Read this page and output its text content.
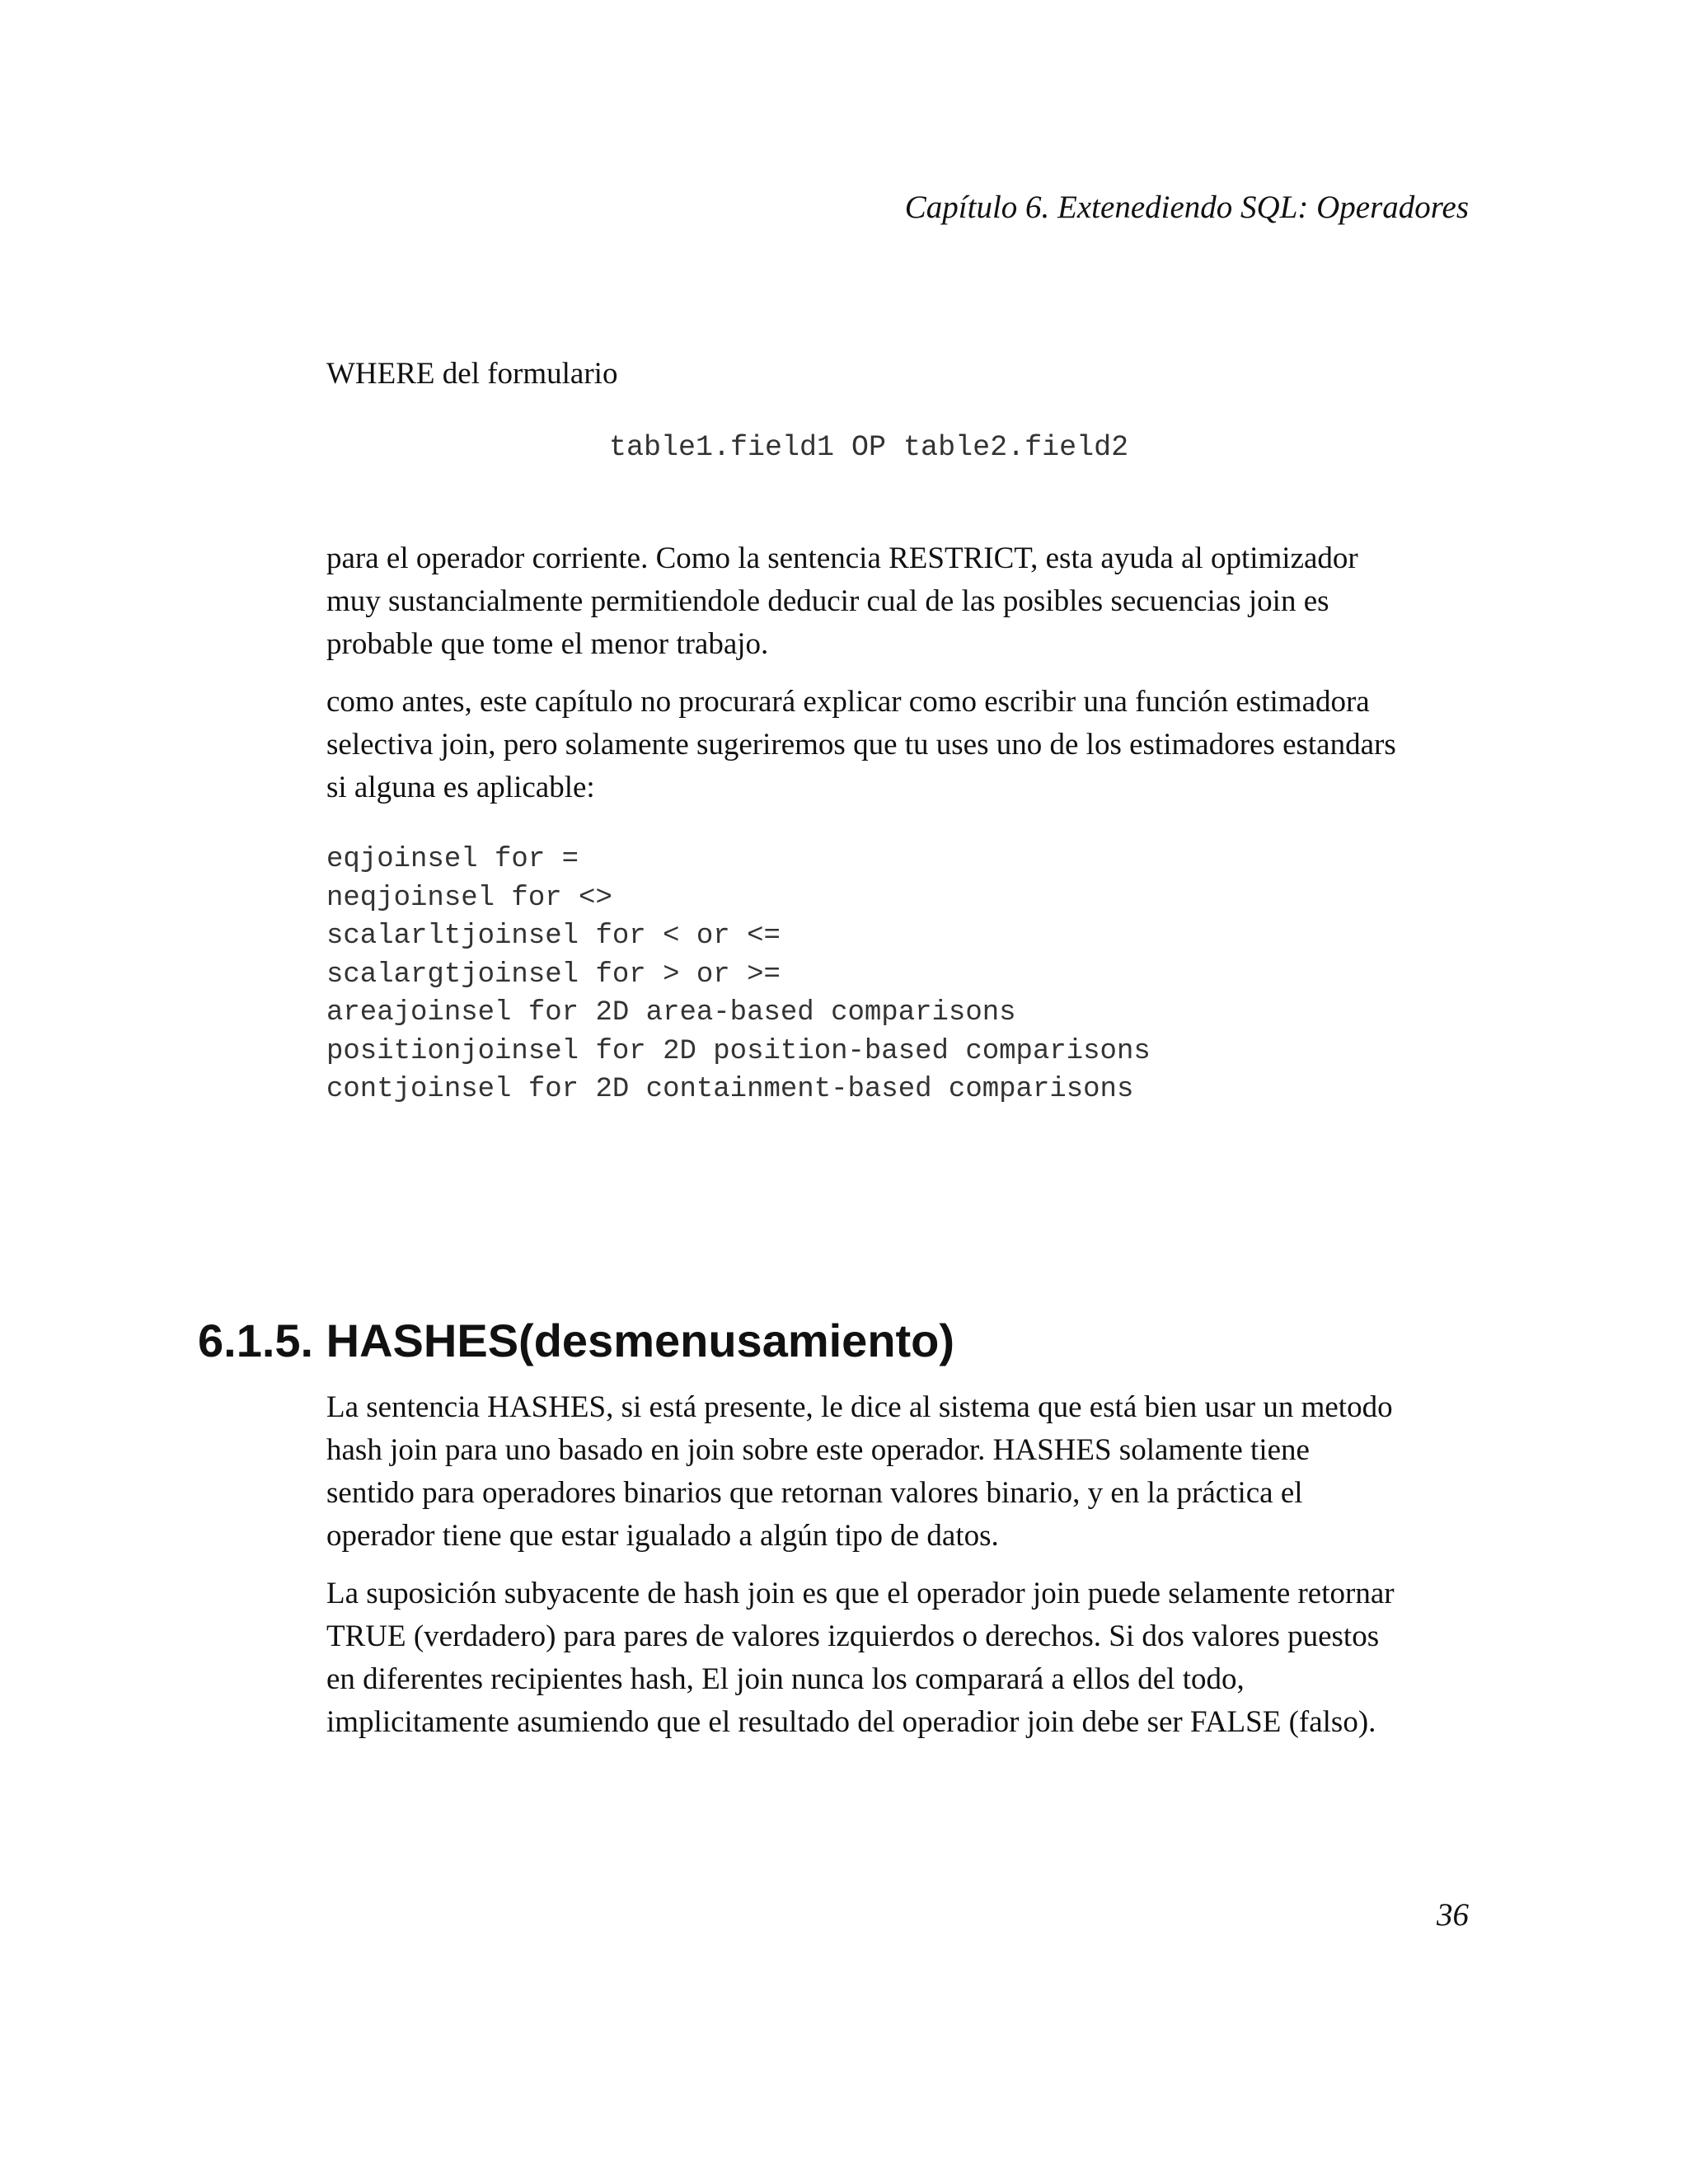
Capítulo 6. Extenediendo SQL: Operadores

WHERE del formulario

table1.field1 OP table2.field2

para el operador corriente. Como la sentencia RESTRICT, esta ayuda al optimizador
muy sustancialmente permitiendole deducir cual de las posibles secuencias join es
probable que tome el menor trabajo.

como antes, este capítulo no procurará explicar como escribir una función estimadora
selectiva join, pero solamente sugeriremos que tu uses uno de los estimadores estandars
si alguna es aplicable:

eqjoinsel for =
neqjoinsel for <>
scalarltjoinsel for < or <=
scalargtjoinsel for > or >=
areajoinsel for 2D area-based comparisons
positionjoinsel for 2D position-based comparisons
contjoinsel for 2D containment-based comparisons
6.1.5. HASHES(desmenusamiento)

La sentencia HASHES, si está presente, le dice al sistema que está bien usar un metodo
hash join para uno basado en join sobre este operador. HASHES solamente tiene
sentido para operadores binarios que retornan valores binario, y en la práctica el
operador tiene que estar igualado a algún tipo de datos.

La suposición subyacente de hash join es que el operador join puede selamente retornar
TRUE (verdadero) para pares de valores izquierdos o derechos. Si dos valores puestos
en diferentes recipientes hash, El join nunca los comparará a ellos del todo,
implicitamente asumiendo que el resultado del operadior join debe ser FALSE (falso).

36
